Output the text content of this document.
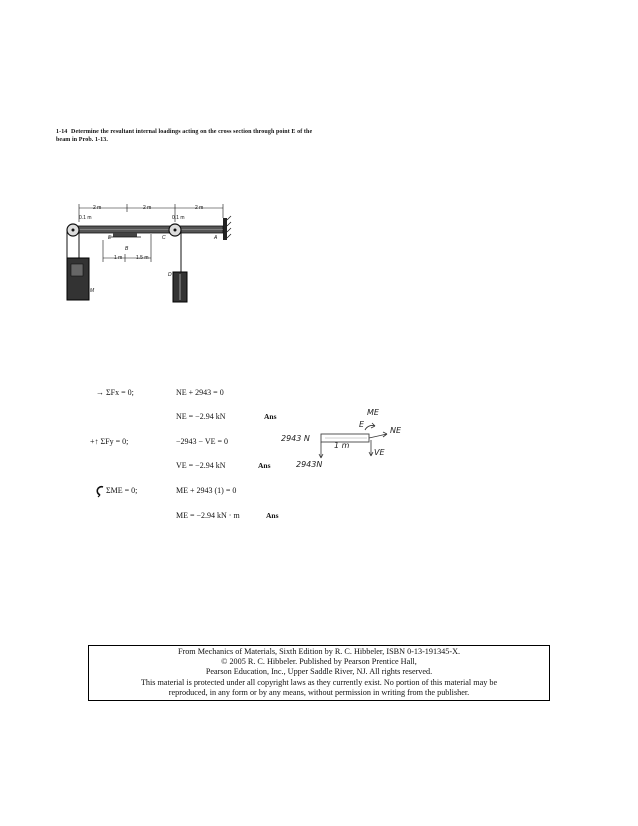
1-14 Determine the resultant internal loadings acting on the cross section through point E of the beam in Prob. 1-13.
2 m	2 m	2 m
0.1 m	0.1 m
1 m	1.5 m
E
B
C	A
D
M
→ ΣFx = 0;	NE + 2943 = 0
NE = −2.94 kN	Ans
+↑ ΣFy = 0;	−2943 − VE = 0
VE = −2.94 kN	Ans
ΣME = 0;	ME + 2943 (1) = 0
ME = −2.94 kN · m	Ans
ME
E
NE
VE
2943 N
1 m
2943N
From Mechanics of Materials, Sixth Edition by R. C. Hibbeler, ISBN 0-13-191345-X.
© 2005 R. C. Hibbeler. Published by Pearson Prentice Hall,
Pearson Education, Inc., Upper Saddle River, NJ. All rights reserved.
This material is protected under all copyright laws as they currently exist. No portion of this material may be
reproduced, in any form or by any means, without permission in writing from the publisher.
